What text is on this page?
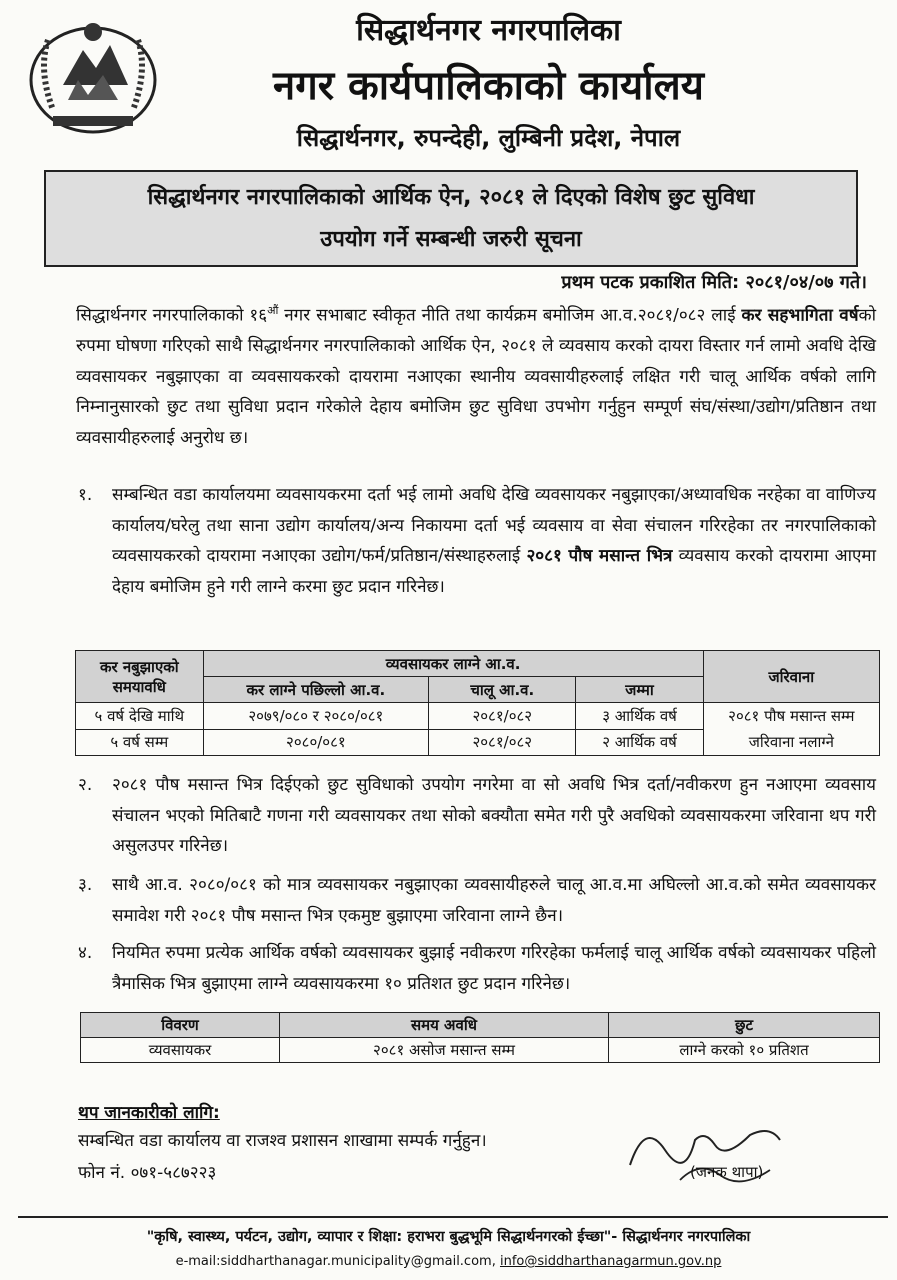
सिद्धार्थनगर नगरपालिका
नगर कार्यपालिकाको कार्यालय
सिद्धार्थनगर, रुपन्देही, लुम्बिनी प्रदेश, नेपाल
सिद्धार्थनगर नगरपालिकाको आर्थिक ऐन, २०८१ ले दिएको विशेष छुट सुविधा
उपयोग गर्ने सम्बन्धी जरुरी सूचना
प्रथम पटक प्रकाशित मिति: २०८१/०४/०७ गते।
सिद्धार्थनगर नगरपालिकाको $१६^{औं}$ नगर सभाबाट स्वीकृत नीति तथा कार्यक्रम बमोजिम आ.व.२०८१/०८२ लाई कर सहभागिता वर्षको रुपमा घोषणा गरिएको साथै सिद्धार्थनगर नगरपालिकाको आर्थिक ऐन, २०८१ ले व्यवसाय करको दायरा विस्तार गर्न लामो अवधि देखि व्यवसायकर नबुझाएका वा व्यवसायकरको दायरामा नआएका स्थानीय व्यवसायीहरुलाई लक्षित गरी चालू आर्थिक वर्षको लागि निम्नानुसारको छुट तथा सुविधा प्रदान गरेकोले देहाय बमोजिम छुट सुविधा उपभोग गर्नुहुन सम्पूर्ण संघ/संस्था/उद्योग/प्रतिष्ठान तथा व्यवसायीहरुलाई अनुरोध छ।
१.	सम्बन्धित वडा कार्यालयमा व्यवसायकरमा दर्ता भई लामो अवधि देखि व्यवसायकर नबुझाएका/अध्यावधिक नरहेका वा वाणिज्य कार्यालय/घरेलु तथा साना उद्योग कार्यालय/अन्य निकायमा दर्ता भई व्यवसाय वा सेवा संचालन गरिरहेका तर नगरपालिकाको व्यवसायकरको दायरामा नआएका उद्योग/फर्म/प्रतिष्ठान/संस्थाहरुलाई २०८१ पौष मसान्त भित्र व्यवसाय करको दायरामा आएमा देहाय बमोजिम हुने गरी लाग्ने करमा छुट प्रदान गरिनेछ।
कर नबुझाएको समयावधि	व्यवसायकर लाग्ने आ.व.			जरिवाना
	कर लाग्ने पछिल्लो आ.व.	चालू आ.व.	जम्मा	
५ वर्ष देखि माथि	२०७९/०८० र २०८०/०८१	२०८१/०८२	३ आर्थिक वर्ष	२०८१ पौष मसान्त सम्म जरिवाना नलाग्ने
५ वर्ष सम्म	२०८०/०८१	२०८१/०८२	२ आर्थिक वर्ष	
२.	२०८१ पौष मसान्त भित्र दिईएको छुट सुविधाको उपयोग नगरेमा वा सो अवधि भित्र दर्ता/नवीकरण हुन नआएमा व्यवसाय संचालन भएको मितिबाटै गणना गरी व्यवसायकर तथा सोको बक्यौता समेत गरी पुरै अवधिको व्यवसायकरमा जरिवाना थप गरी असुलउपर गरिनेछ।
३.	साथै आ.व. २०८०/०८१ को मात्र व्यवसायकर नबुझाएका व्यवसायीहरुले चालू आ.व.मा अघिल्लो आ.व.को समेत व्यवसायकर समावेश गरी २०८१ पौष मसान्त भित्र एकमुष्ट बुझाएमा जरिवाना लाग्ने छैन।
४.	नियमित रुपमा प्रत्येक आर्थिक वर्षको व्यवसायकर बुझाई नवीकरण गरिरहेका फर्मलाई चालू आर्थिक वर्षको व्यवसायकर पहिलो त्रैमासिक भित्र बुझाएमा लाग्ने व्यवसायकरमा १० प्रतिशत छुट प्रदान गरिनेछ।
विवरण	समय अवधि	छुट
व्यवसायकर	२०८१ असोज मसान्त सम्म	लाग्ने करको १० प्रतिशत
थप जानकारीको लागि:
सम्बन्धित वडा कार्यालय वा राजश्व प्रशासन शाखामा सम्पर्क गर्नुहुन।
फोन नं. ०७१-५८७२२३	(जनक थापा)
"कृषि, स्वास्थ्य, पर्यटन, उद्योग, व्यापार र शिक्षा: हराभरा बुद्धभूमि सिद्धार्थनगरको ईच्छा"- सिद्धार्थनगर नगरपालिका
e-mail:siddharthanagar.municipality@gmail.com, info@siddharthanagarmun.gov.np
